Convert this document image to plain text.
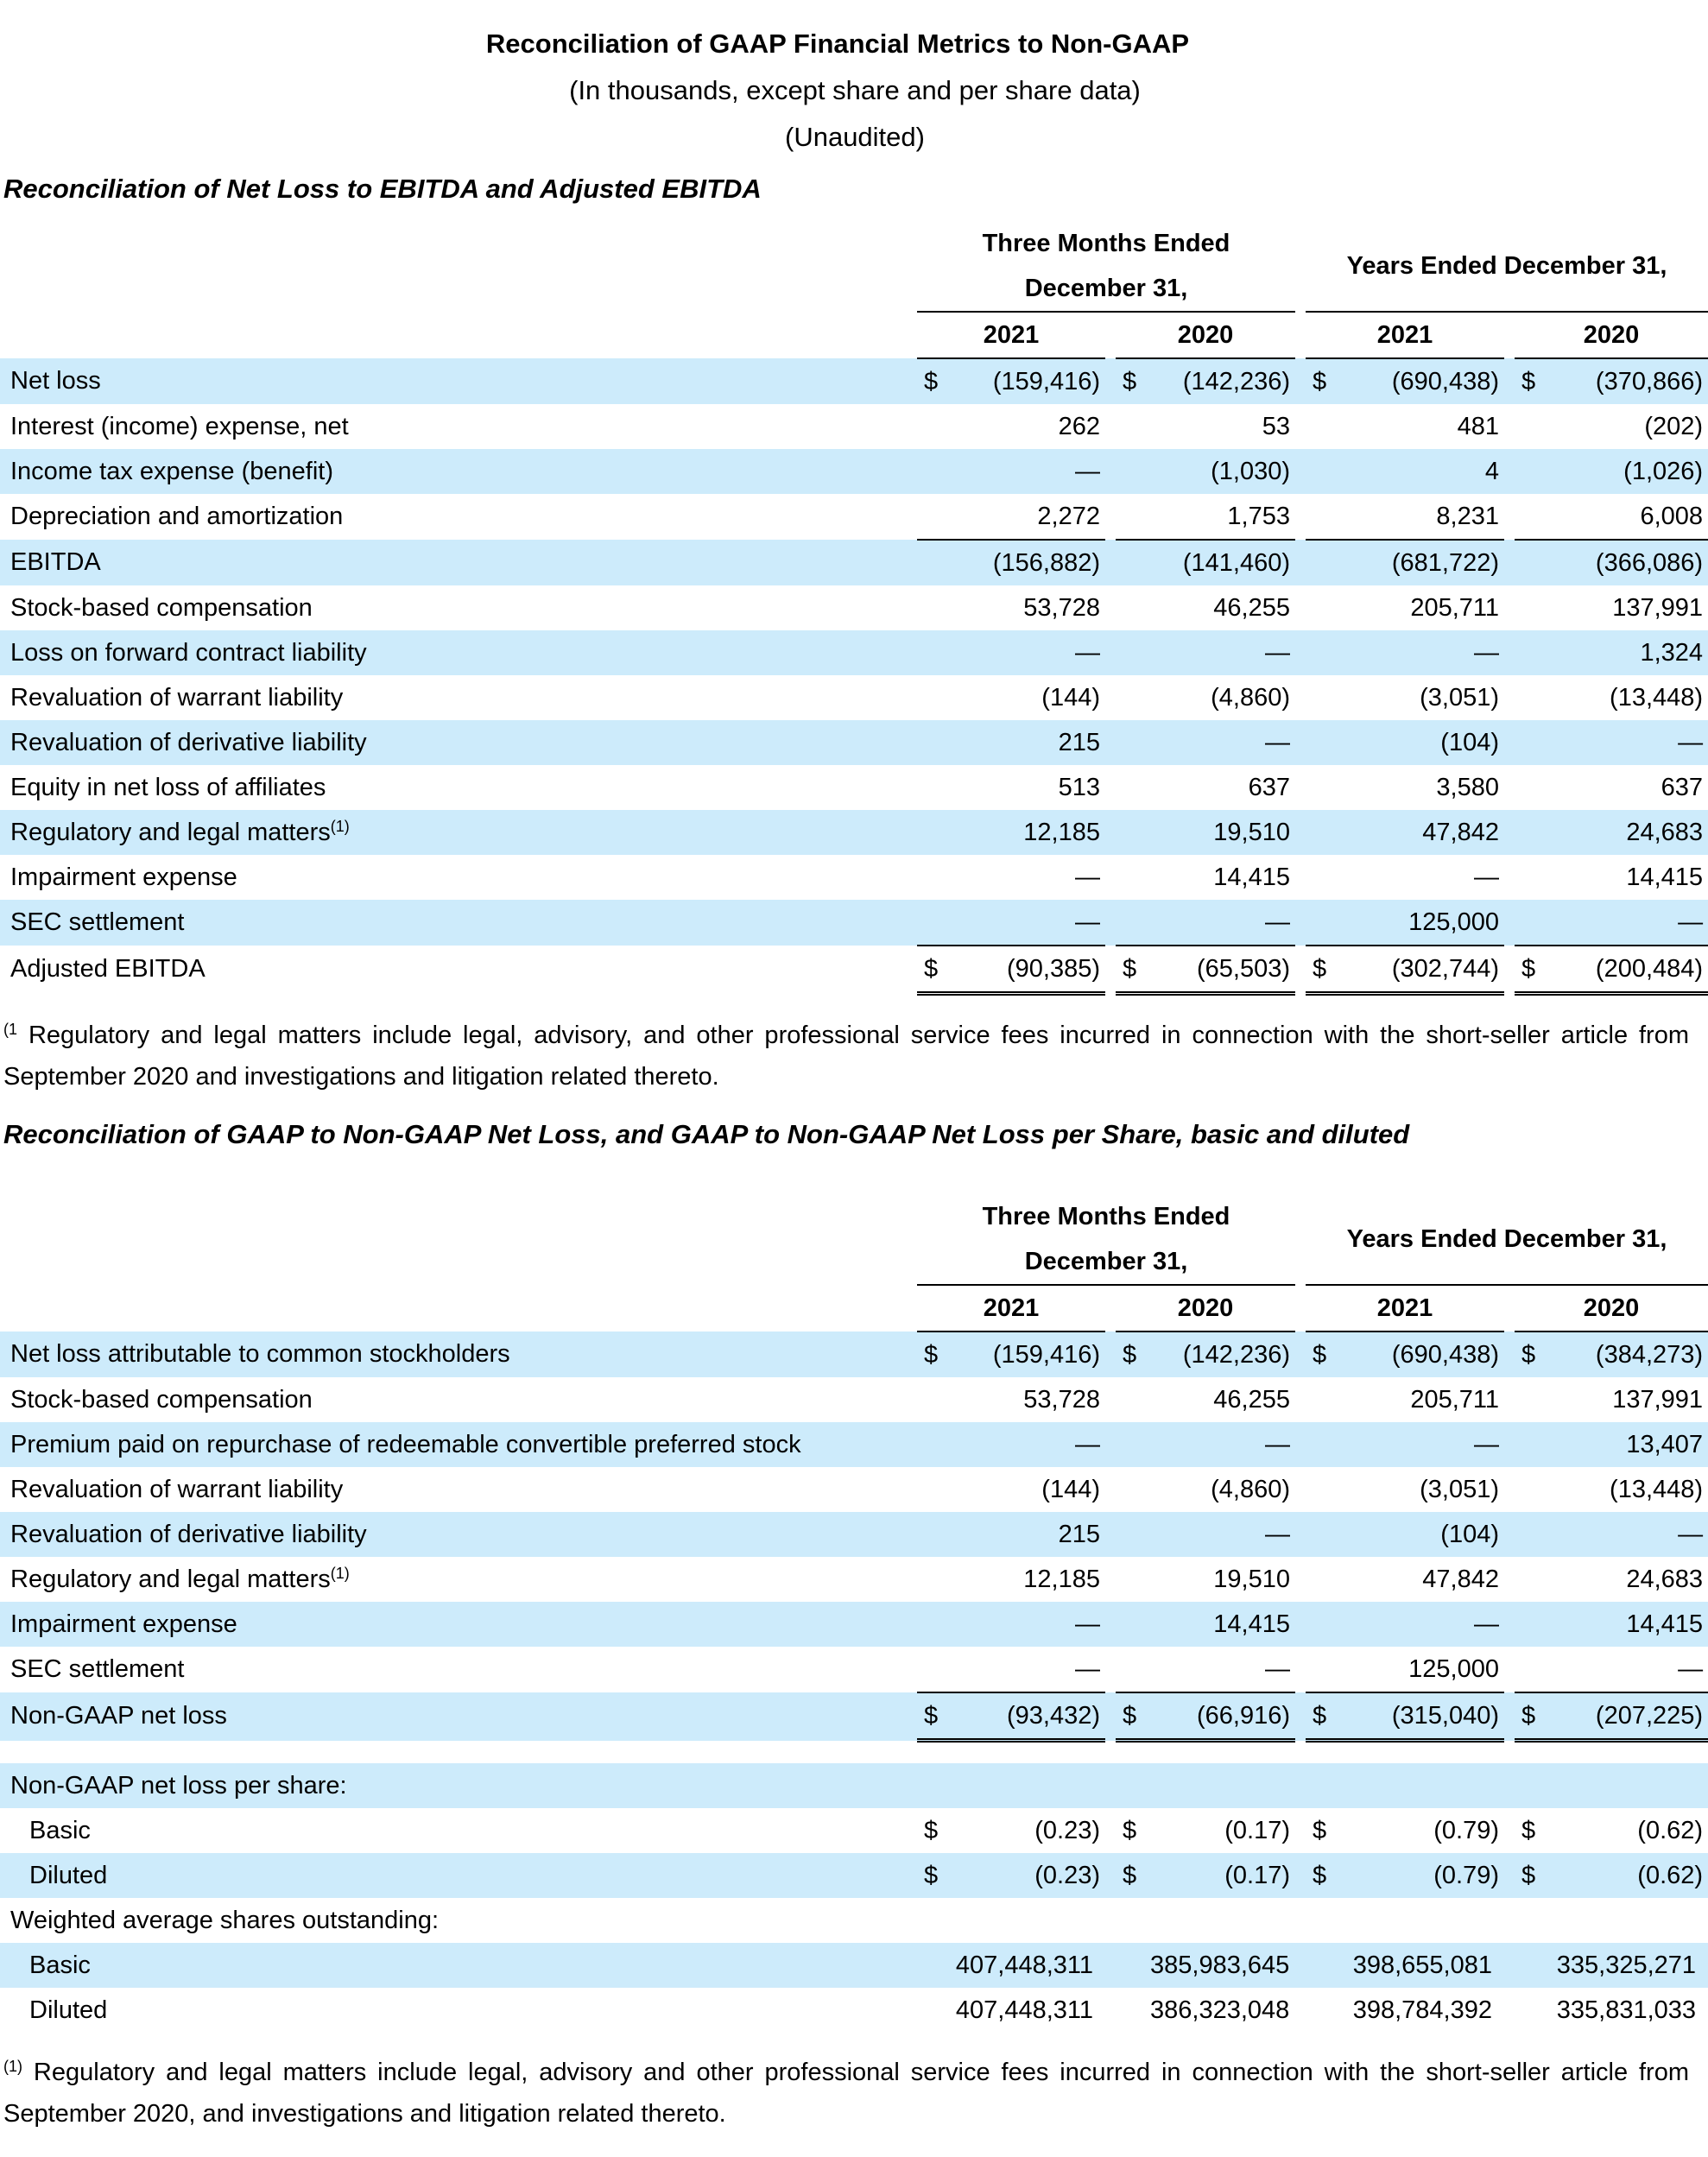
Reconciliation of GAAP Financial Metrics to Non-GAAP
(In thousands, except share and per share data)
(Unaudited)
Reconciliation of Net Loss to EBITDA and Adjusted EBITDA
	Three Months Ended						Years Ended December 31,				
	December 31,										
	2021			2020			2021			2020	
Net loss	$	(159,416)		$	(142,236)		$	(690,438)		$	(370,866)
Interest (income) expense, net		262			53			481			(202)
Income tax expense (benefit)		—			(1,030)			4			(1,026)
Depreciation and amortization		2,272			1,753			8,231			6,008
EBITDA		(156,882)			(141,460)			(681,722)			(366,086)
Stock-based compensation		53,728			46,255			205,711			137,991
Loss on forward contract liability		—			—			—			1,324
Revaluation of warrant liability		(144)			(4,860)			(3,051)			(13,448)
Revaluation of derivative liability		215			—			(104)			—
Equity in net loss of affiliates		513			637			3,580			637
Regulatory and legal matters$^{(1)}$		12,185			19,510			47,842			24,683
Impairment expense		—			14,415			—			14,415
SEC settlement		—			—			125,000			—
Adjusted EBITDA	$	(90,385)		$	(65,503)		$	(302,744)		$	(200,484)
$^{(1}$ Regulatory and legal matters include legal, advisory, and other professional service fees incurred in connection with the short-seller article from September 2020 and investigations and litigation related thereto.
Reconciliation of GAAP to Non-GAAP Net Loss, and GAAP to Non-GAAP Net Loss per Share, basic and diluted
	Three Months Ended						Years Ended December 31,				
	December 31,										
	2021			2020			2021			2020	
Net loss attributable to common stockholders	$	(159,416)		$	(142,236)		$	(690,438)		$	(384,273)
Stock-based compensation		53,728			46,255			205,711			137,991
Premium paid on repurchase of redeemable convertible preferred stock		—			—			—			13,407
Revaluation of warrant liability		(144)			(4,860)			(3,051)			(13,448)
Revaluation of derivative liability		215			—			(104)			—
Regulatory and legal matters$^{(1)}$		12,185			19,510			47,842			24,683
Impairment expense		—			14,415			—			14,415
SEC settlement		—			—			125,000			—
Non-GAAP net loss	$	(93,432)		$	(66,916)		$	(315,040)		$	(207,225)

Non-GAAP net loss per share:											
Basic	$	(0.23)		$	(0.17)		$	(0.79)		$	(0.62)
Diluted	$	(0.23)		$	(0.17)		$	(0.79)		$	(0.62)
Weighted average shares outstanding:											
Basic		407,448,311			385,983,645			398,655,081			335,325,271
Diluted		407,448,311			386,323,048			398,784,392			335,831,033
$^{(1)}$ Regulatory and legal matters include legal, advisory and other professional service fees incurred in connection with the short-seller article from September 2020, and investigations and litigation related thereto.
